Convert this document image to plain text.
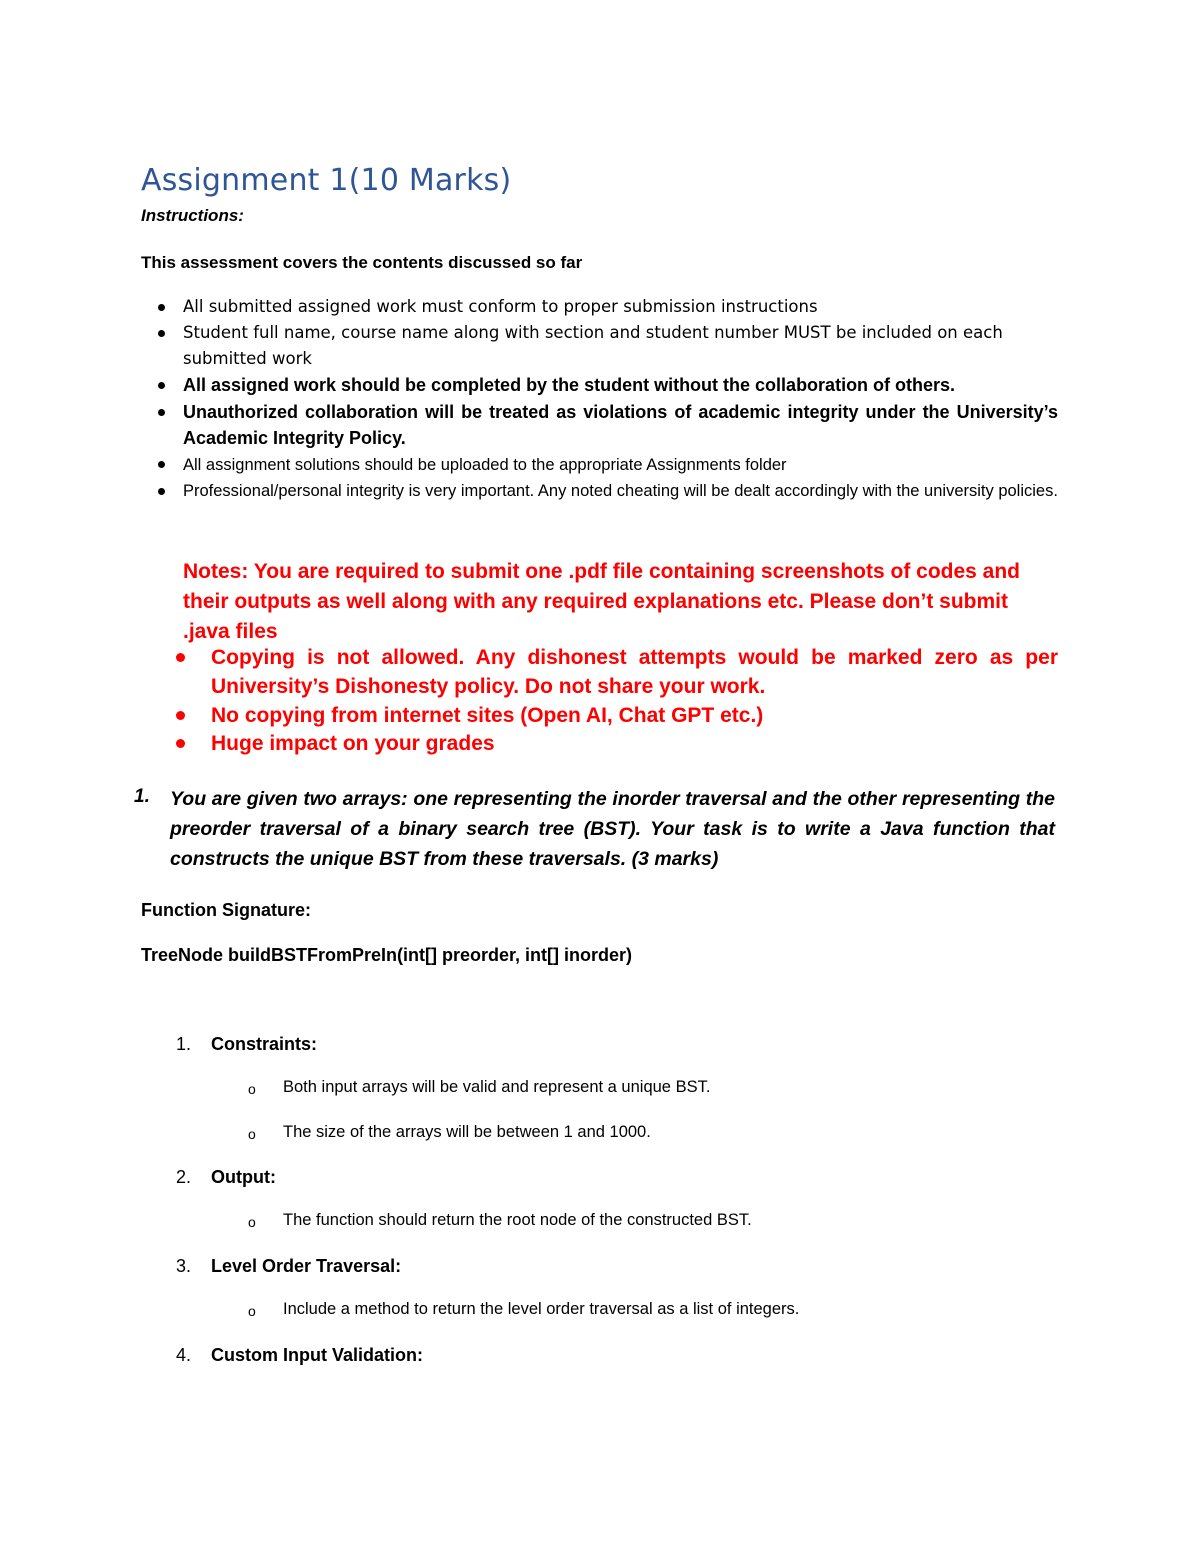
Assignment 1(10 Marks)
Instructions:
This assessment covers the contents discussed so far
All submitted assigned work must conform to proper submission instructions
Student full name, course name along with section and student number MUST be included on each submitted work
All assigned work should be completed by the student without the collaboration of others.
Unauthorized collaboration will be treated as violations of academic integrity under the University’s Academic Integrity Policy.
All assignment solutions should be uploaded to the appropriate Assignments folder
Professional/personal integrity is very important. Any noted cheating will be dealt accordingly with the university policies.
Notes: You are required to submit one .pdf file containing screenshots of codes and their outputs as well along with any required explanations etc. Please don’t submit .java files
Copying is not allowed. Any dishonest attempts would be marked zero as per University’s Dishonesty policy. Do not share your work.
No copying from internet sites (Open AI, Chat GPT etc.)
Huge impact on your grades
1. You are given two arrays: one representing the inorder traversal and the other representing the preorder traversal of a binary search tree (BST). Your task is to write a Java function that constructs the unique BST from these traversals. (3 marks)
Function Signature:
TreeNode buildBSTFromPreIn(int[] preorder, int[] inorder)
1. Constraints:
o Both input arrays will be valid and represent a unique BST.
o The size of the arrays will be between 1 and 1000.
2. Output:
o The function should return the root node of the constructed BST.
3. Level Order Traversal:
o Include a method to return the level order traversal as a list of integers.
4. Custom Input Validation:
